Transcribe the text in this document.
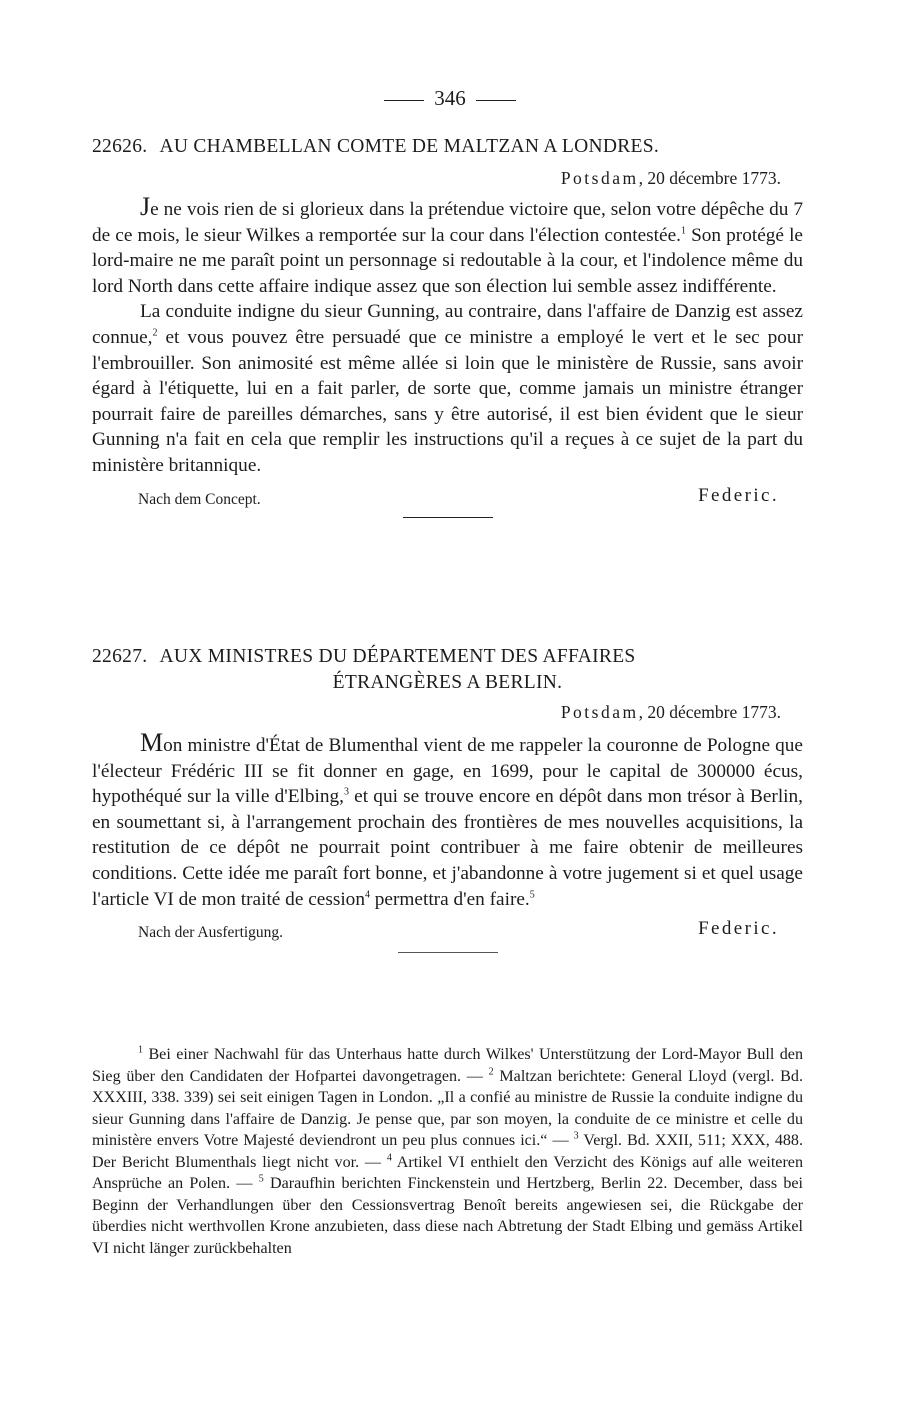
346
22626. AU CHAMBELLAN COMTE DE MALTZAN A LONDRES.
Potsdam, 20 décembre 1773.

Je ne vois rien de si glorieux dans la prétendue victoire que, selon votre dépêche du 7 de ce mois, le sieur Wilkes a remportée sur la cour dans l'élection contestée.$^1$ Son protégé le lord-maire ne me paraît point un personnage si redoutable à la cour, et l'indolence même du lord North dans cette affaire indique assez que son élection lui semble assez indifférente.

La conduite indigne du sieur Gunning, au contraire, dans l'affaire de Danzig est assez connue,$^2$ et vous pouvez être persuadé que ce ministre a employé le vert et le sec pour l'embrouiller. Son animosité est même allée si loin que le ministère de Russie, sans avoir égard à l'étiquette, lui en a fait parler, de sorte que, comme jamais un ministre étranger pourrait faire de pareilles démarches, sans y être autorisé, il est bien évident que le sieur Gunning n'a fait en cela que remplir les instructions qu'il a reçues à ce sujet de la part du ministère britannique.

Nach dem Concept.	Federic.
22627. AUX MINISTRES DU DÉPARTEMENT DES AFFAIRES
ÉTRANGÈRES A BERLIN.
Potsdam, 20 décembre 1773.

Mon ministre d'État de Blumenthal vient de me rappeler la couronne de Pologne que l'électeur Frédéric III se fit donner en gage, en 1699, pour le capital de 300000 écus, hypothéqué sur la ville d'Elbing,$^3$ et qui se trouve encore en dépôt dans mon trésor à Berlin, en soumettant si, à l'arrangement prochain des frontières de mes nouvelles acquisitions, la restitution de ce dépôt ne pourrait point contribuer à me faire obtenir de meilleures conditions. Cette idée me paraît fort bonne, et j'abandonne à votre jugement si et quel usage l'article VI de mon traité de cession$^4$ permettra d'en faire.$^5$

Nach der Ausfertigung.	Federic.

$^1$ Bei einer Nachwahl für das Unterhaus hatte durch Wilkes' Unterstützung der Lord-Mayor Bull den Sieg über den Candidaten der Hofpartei davongetragen. — $^2$ Maltzan berichtete: General Lloyd (vergl. Bd. XXXIII, 338. 339) sei seit einigen Tagen in London. „Il a confié au ministre de Russie la conduite indigne du sieur Gunning dans l'affaire de Danzig. Je pense que, par son moyen, la conduite de ce ministre et celle du ministère envers Votre Majesté deviendront un peu plus connues ici.“ — $^3$ Vergl. Bd. XXII, 511; XXX, 488. Der Bericht Blumenthals liegt nicht vor. — $^4$ Artikel VI enthielt den Verzicht des Königs auf alle weiteren Ansprüche an Polen. — $^5$ Daraufhin berichten Finckenstein und Hertzberg, Berlin 22. December, dass bei Beginn der Verhandlungen über den Cessionsvertrag Benoît bereits angewiesen sei, die Rückgabe der überdies nicht werthvollen Krone anzubieten, dass diese nach Abtretung der Stadt Elbing und gemäss Artikel VI nicht länger zurückbehalten
